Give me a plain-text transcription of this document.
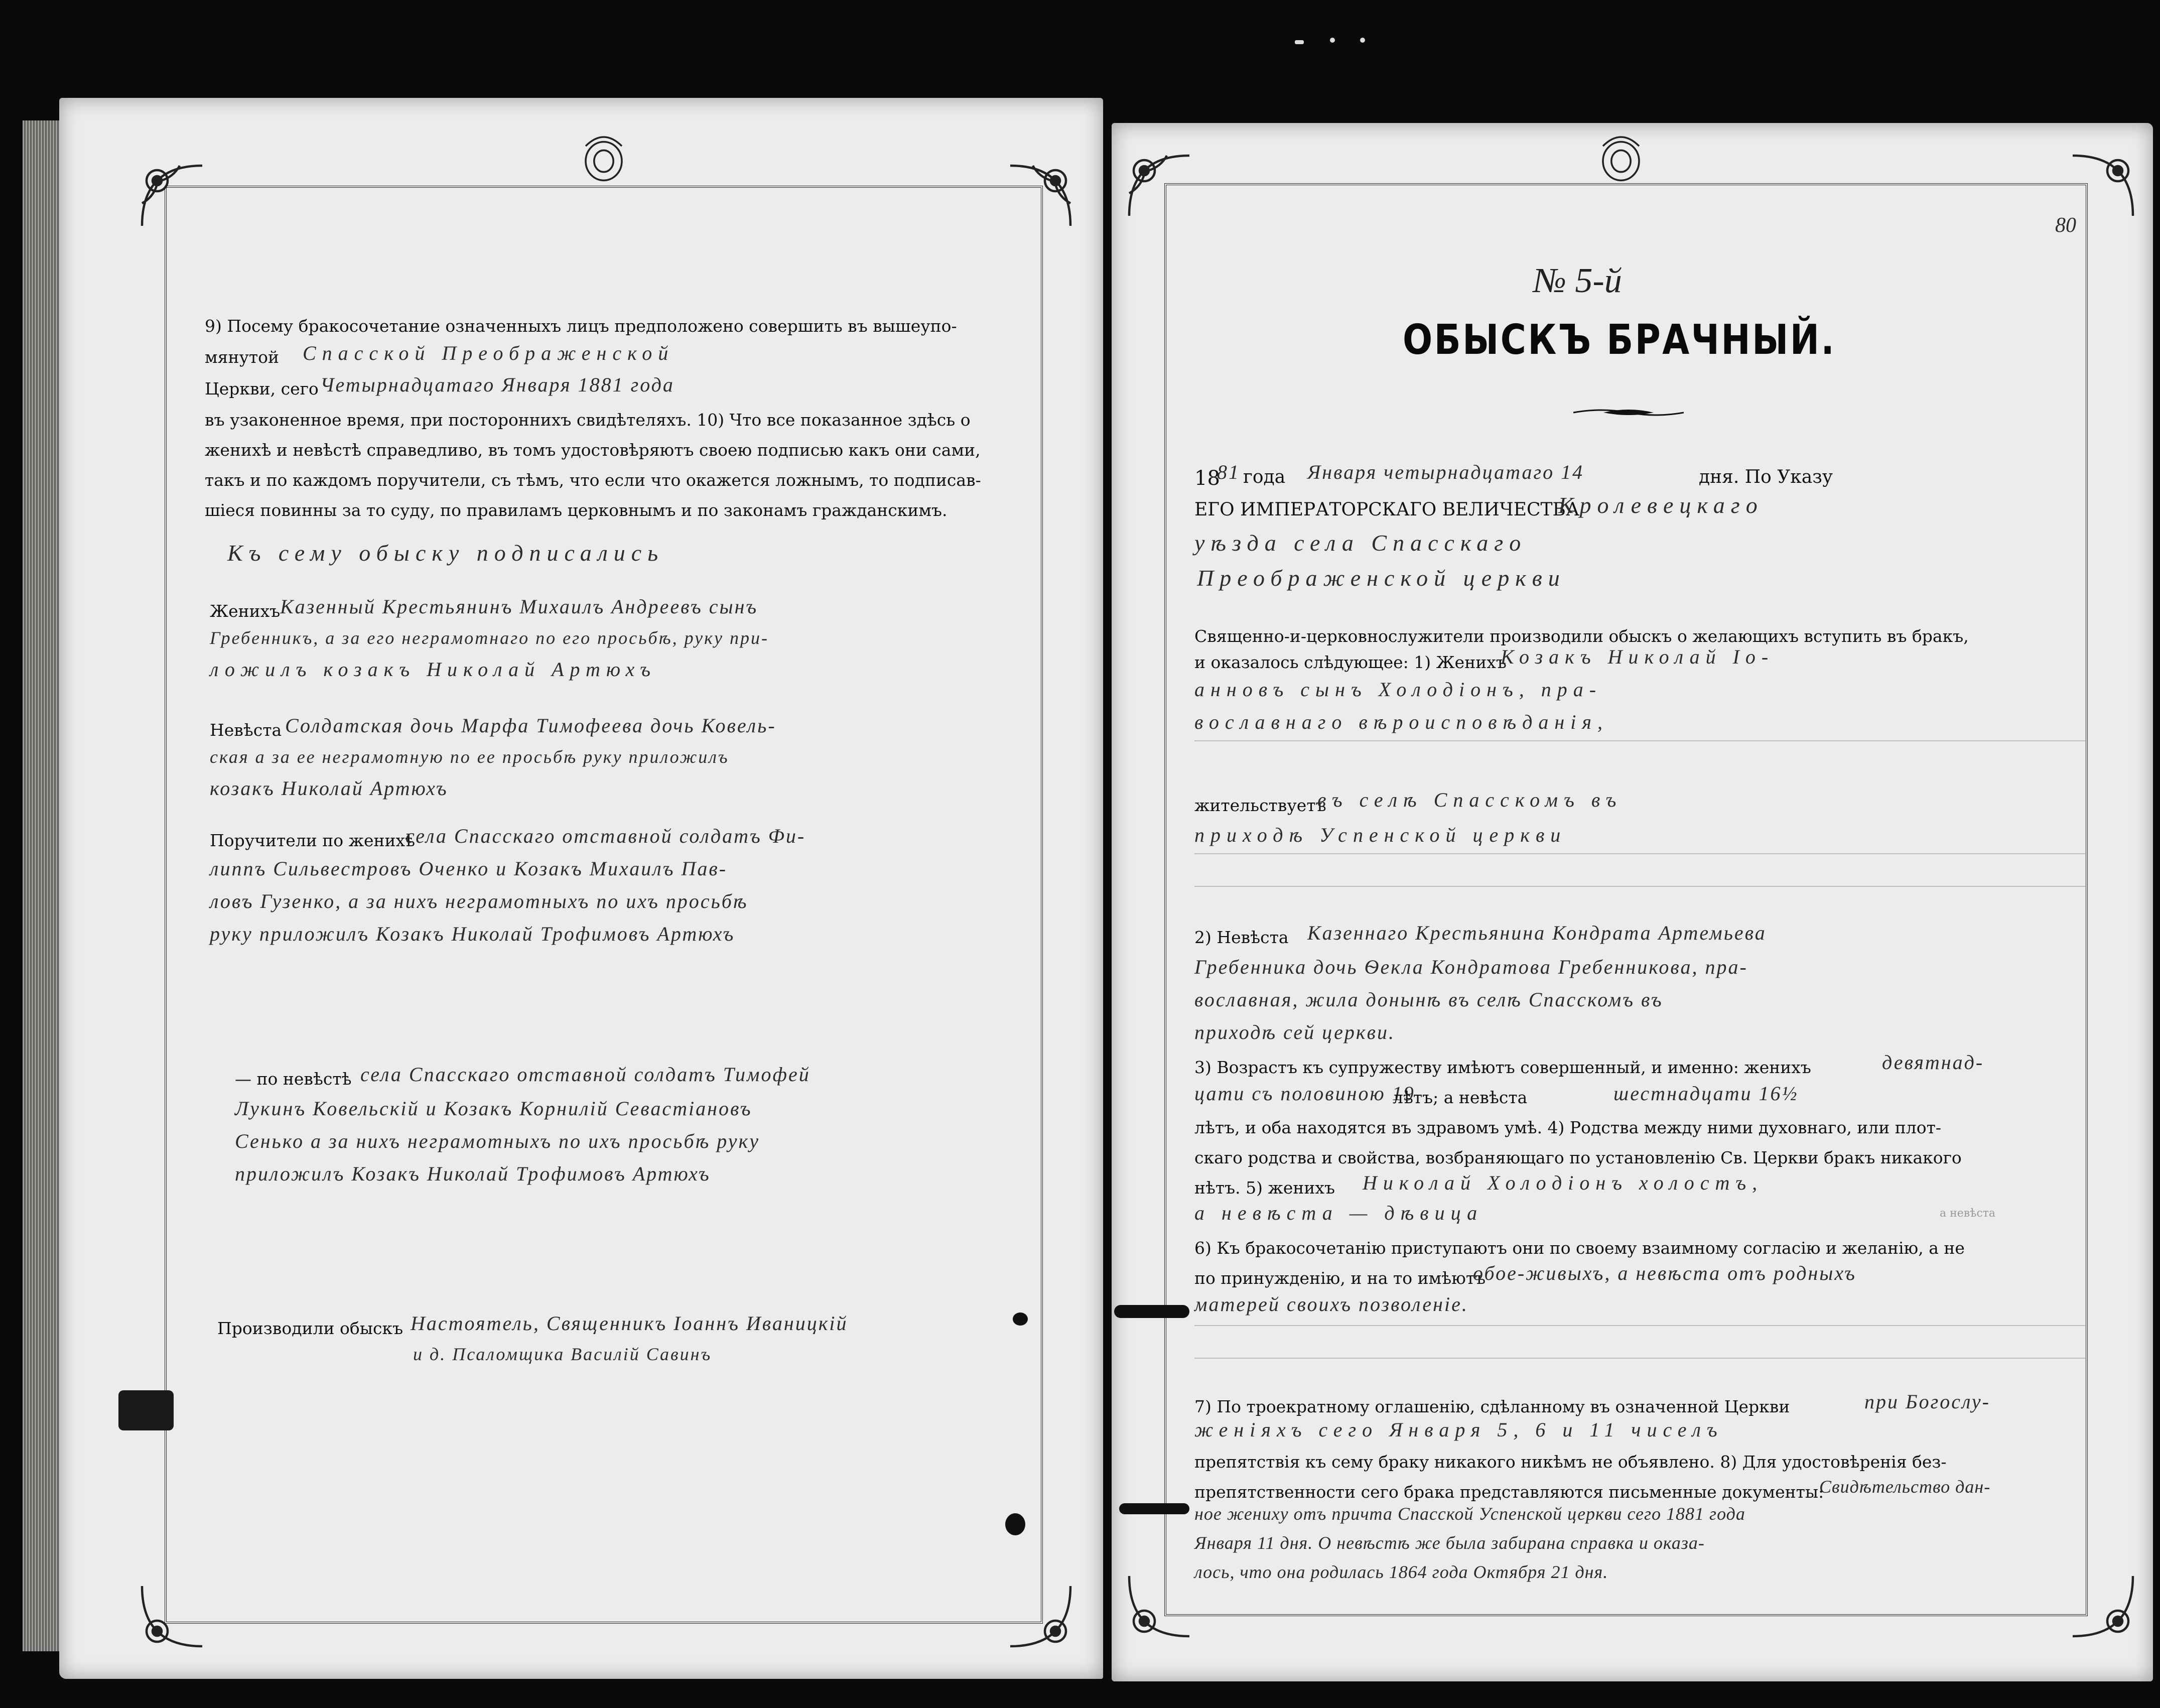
9) Посему бракосочетание означенныхъ лицъ предположено совершить въ вышеупо-
мянутой Спасской Преображенской
Церкви, сего Четырнадцатаго Января 1881 года
въ узаконенное время, при постороннихъ свидѣтеляхъ. 10) Что все показанное здѣсь о
женихѣ и невѣстѣ справедливо, въ томъ удостовѣряютъ своею подписью какъ они сами,
такъ и по каждомъ поручители, съ тѣмъ, что если что окажется ложнымъ, то подписав-
шіеся повинны за то суду, по правиламъ церковнымъ и по законамъ гражданскимъ.
Къ сему обыску подписались
Женихъ Казенный Крестьянинъ Михаилъ Андреевъ сынъ
Гребенникъ, а за его неграмотнаго по его просьбѣ, руку при-
ложилъ козакъ Николай Артюхъ
Невѣста Солдатская дочь Марфа Тимофеева дочь Ковель-
ская а за ее неграмотную по ее просьбѣ руку приложилъ
козакъ Николай Артюхъ
Поручители по женихѣ
села Спасскаго отставной солдатъ Фи-
липпъ Сильвестровъ Оченко и Козакъ Михаилъ Пав-
ловъ Гузенко, а за нихъ неграмотныхъ по ихъ просьбѣ
руку приложилъ Козакъ Николай Трофимовъ Артюхъ
— по невѣстѣ села Спасскаго отставной солдатъ Тимофей
Лукинъ Ковельскій и Козакъ Корнилій Севастіановъ
Сенько а за нихъ неграмотныхъ по ихъ просьбѣ руку
приложилъ Козакъ Николай Трофимовъ Артюхъ
Производили обыскъ Настоятель, Священникъ Іоаннъ Иваницкій
и д. Псаломщика Василій Савинъ
80
№ 5-й
ОБЫСКЪ БРАЧНЫЙ.
18
81 года Января четырнадцатаго 14	дня. По Указу
ЕГО ИМПЕРАТОРСКАГО ВЕЛИЧЕСТВА
Кролевецкаго
уѣзда села Спасскаго
Преображенской церкви
Священно-и-церковнослужители производили обыскъ о желающихъ вступить въ бракъ,
и оказалось слѣдующее: 1) Женихъ
Козакъ Николай Іо-
анновъ сынъ Холодіонъ, пра-
вославнаго вѣроисповѣданія,
жительствуетъ
въ селѣ Спасскомъ въ
приходѣ Успенской церкви
2) Невѣста Казеннаго Крестьянина Кондрата Артемьева
Гребенника дочь Ѳекла Кондратова Гребенникова, пра-
вославная, жила донынѣ въ селѣ Спасскомъ въ
приходѣ сей церкви.
3) Возрастъ къ супружеству имѣютъ совершенный, и именно: женихъ	девятнад-
цати съ половиною 19
лѣтъ; а невѣста	шестнадцати 16½
лѣтъ, и оба находятся въ здравомъ умѣ. 4) Родства между ними духовнаго, или плот-
скаго родства и свойства, возбраняющаго по установленію Св. Церкви бракъ никакого
нѣтъ. 5) женихъ Николай Холодіонъ холостъ,
а невѣста — дѣвица	а невѣста
6) Къ бракосочетанію приступаютъ они по своему взаимному согласію и желанію, а не
по принужденію, и на то имѣютъ
обое-живыхъ, а невѣста отъ родныхъ
матерей своихъ позволеніе.
7) По троекратному оглашенію, сдѣланному въ означенной Церкви	при Богослу-
женіяхъ сего Января 5, 6 и 11 чиселъ
препятствія къ сему браку никакого никѣмъ не объявлено. 8) Для удостовѣренія без-
препятственности сего брака представляются письменные документы:
Свидѣтельство дан-
ное жениху отъ причта Спасской Успенской церкви сего 1881 года
Января 11 дня. О невѣстѣ же была забирана справка и оказа-
лось, что она родилась 1864 года Октября 21 дня.
